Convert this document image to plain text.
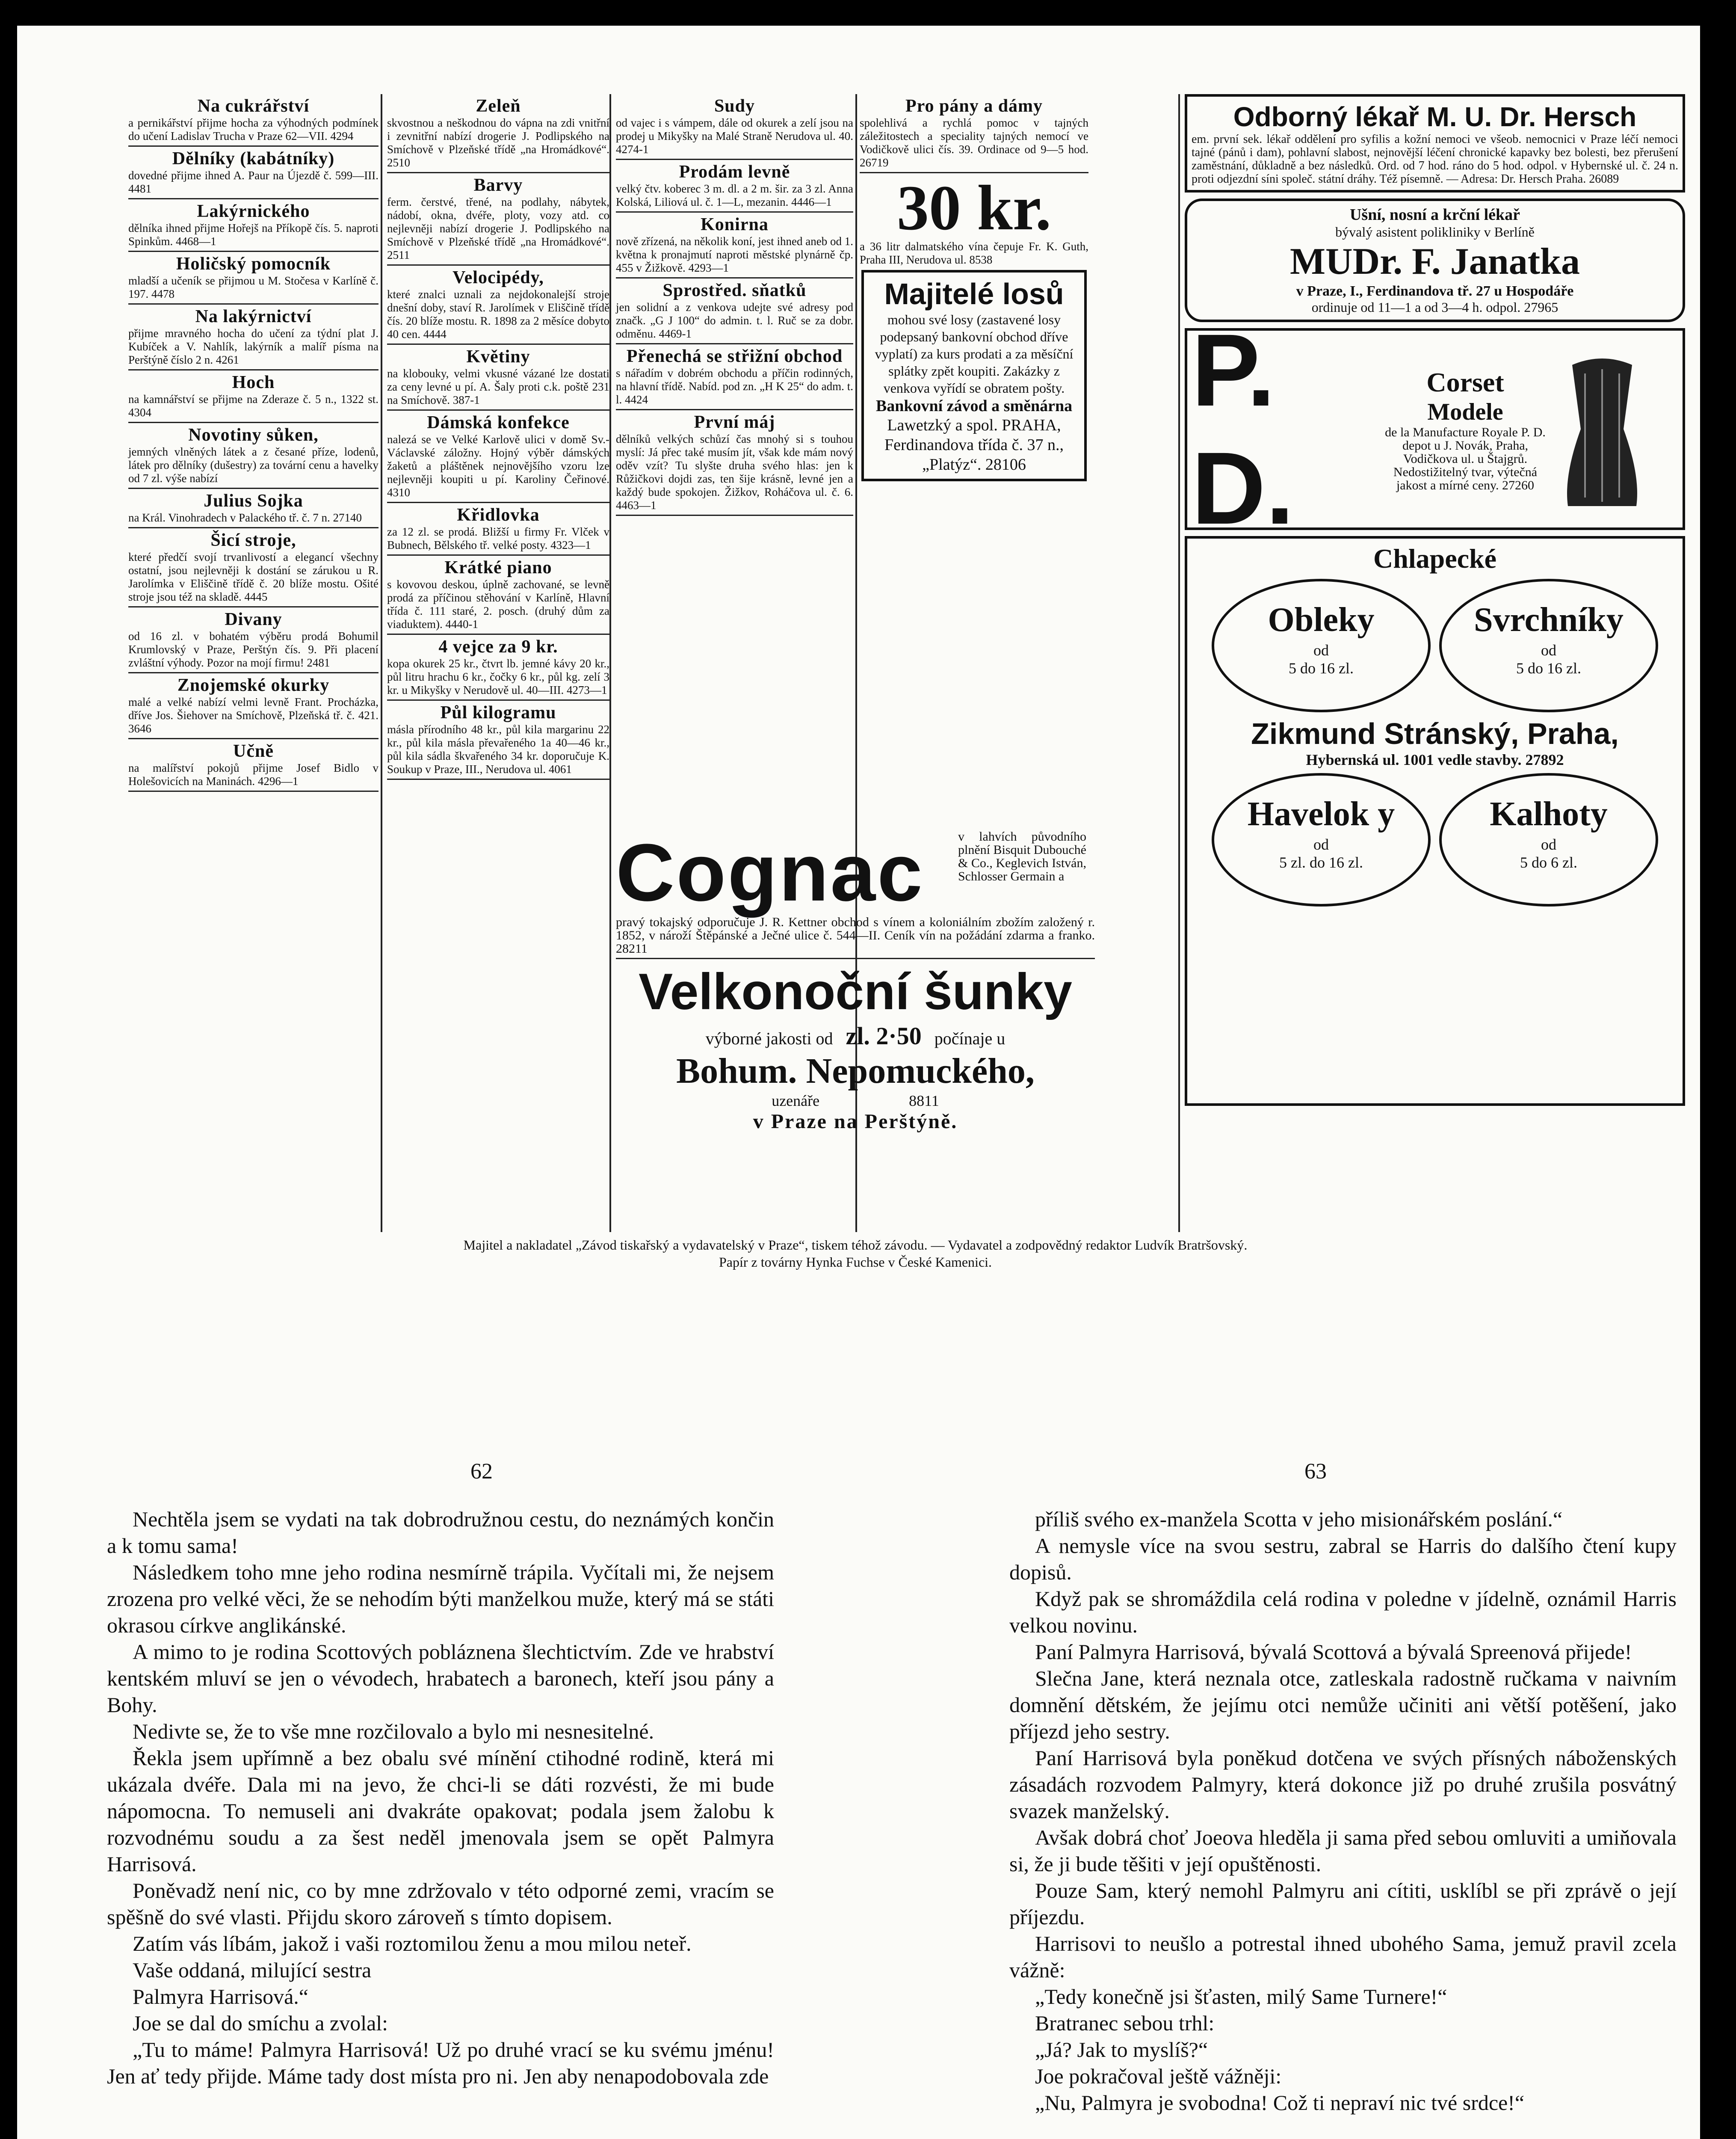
Na cukrářství

a pernikářství přijme hocha za výhodných podmínek do učení Ladislav Trucha v Praze 62—VII. 4294

Dělníky (kabátníky)

dovedné přijme ihned A. Paur na Újezdě č. 599—III. 4481

Lakýrnického

dělníka ihned přijme Hořejš na Příkopě čís. 5. naproti Spinkům. 4468—1

Holičský pomocník

mladší a učeník se přijmou u M. Stočesa v Karlíně č. 197. 4478

Na lakýrnictví

přijme mravného hocha do učení za týdní plat J. Kubíček a V. Nahlík, lakýrník a malíř písma na Perštýně číslo 2 n. 4261

Hoch

na kamnářství se přijme na Zderaze č. 5 n., 1322 st. 4304

Novotiny sůken,

jemných vlněných látek a z česané příze, lodenů, látek pro dělníky (dušestry) za tovární cenu a havelky od 7 zl. výše nabízí

Julius Sojka

na Král. Vinohradech v Palackého tř. č. 7 n. 27140

Šicí stroje,

které předčí svojí trvanlivostí a elegancí všechny ostatní, jsou nejlevněji k dostání se zárukou u R. Jarolímka v Eliščině třídě č. 20 blíže mostu. Ošité stroje jsou též na skladě. 4445

Divany

od 16 zl. v bohatém výběru prodá Bohumil Krumlovský v Praze, Perštýn čís. 9. Při placení zvláštní výhody. Pozor na mojí firmu! 2481

Znojemské okurky

malé a velké nabízí velmi levně Frant. Procházka, dříve Jos. Šiehover na Smíchově, Plzeňská tř. č. 421. 3646

Učně

na malířství pokojů přijme Josef Bidlo v Holešovicích na Maninách. 4296—1

Zeleň

skvostnou a neškodnou do vápna na zdi vnitřní i zevnitřní nabízí drogerie J. Podlipského na Smíchově v Plzeňské třídě „na Hromádkové“. 2510

Barvy

ferm. čerstvé, třené, na podlahy, nábytek, nádobí, okna, dvéře, ploty, vozy atd. co nejlevněji nabízí drogerie J. Podlipského na Smíchově v Plzeňské třídě „na Hromádkové“. 2511

Velocipédy,

které znalci uznali za nejdokonalejší stroje dnešní doby, staví R. Jarolímek v Eliščině třídě čís. 20 blíže mostu. R. 1898 za 2 měsíce dobyto 40 cen. 4444

Květiny

na klobouky, velmi vkusné vázané lze dostati za ceny levné u pí. A. Šaly proti c.k. poště 231 na Smíchově. 387-1

Dámská konfekce

nalezá se ve Velké Karlově ulici v domě Sv.-Václavské záložny. Hojný výběr dámských žaketů a pláštěnek nejnovějšího vzoru lze nejlevněji koupiti u pí. Karoliny Čeřinové. 4310

Křidlovka

za 12 zl. se prodá. Bližší u firmy Fr. Vlček v Bubnech, Bělského tř. velké posty. 4323—1

Krátké piano

s kovovou deskou, úplně zachované, se levně prodá za příčinou stěhování v Karlíně, Hlavní třída č. 111 staré, 2. posch. (druhý dům za viaduktem). 4440-1

4 vejce za 9 kr.

kopa okurek 25 kr., čtvrt lb. jemné kávy 20 kr., půl litru hrachu 6 kr., čočky 6 kr., půl kg. zelí 3 kr. u Mikyšky v Nerudově ul. 40—III. 4273—1

Půl kilogramu

másla přírodního 48 kr., půl kila margarinu 22 kr., půl kila másla převařeného 1a 40—46 kr., půl kila sádla škvařeného 34 kr. doporučuje K. Soukup v Praze, III., Nerudova ul. 4061

Sudy

od vajec i s vámpem, dále od okurek a zelí jsou na prodej u Mikyšky na Malé Straně Nerudova ul. 40. 4274-1

Prodám levně

velký čtv. koberec 3 m. dl. a 2 m. šir. za 3 zl. Anna Kolská, Liliová ul. č. 1—L, mezanin. 4446—1

Konirna

nově zřízená, na několik koní, jest ihned aneb od 1. května k pronajmutí naproti městské plynárně čp. 455 v Žižkově. 4293—1

Sprostřed. sňatků

jen solidní a z venkova udejte své adresy pod značk. „G J 100“ do admin. t. l. Ruč se za dobr. odměnu. 4469-1

Přenechá se střižní obchod

s nářadím v dobrém obchodu a příčin rodinných, na hlavní třídě. Nabíd. pod zn. „H K 25“ do adm. t. l. 4424

První máj

dělníků velkých schůzí čas mnohý si s touhou myslí: Já přec také musím jít, však kde mám nový oděv vzít? Tu slyšte druha svého hlas: jen k Růžičkovi dojdi zas, ten šije krásně, levné jen a každý bude spokojen. Žižkov, Roháčova ul. č. 6. 4463—1

Cognac	v lahvích původního plnění Bisquit Dubouché & Co., Keglevich István, Schlosser Germain a

pravý tokajský odporučuje J. R. Kettner obchod s vínem a koloniálním zbožím založený r. 1852, v nároží Štěpánské a Ječné ulice č. 544—II. Ceník vín na požádání zdarma a franko. 28211

Velkonoční šunky
výborné jakosti od zl. 2·50 počínaje u
Bohum. Nepomuckého,
uzenáře	8811
v Praze na Perštýně.
Pro pány a dámy

spolehlivá a rychlá pomoc v tajných záležitostech a speciality tajných nemocí ve Vodičkově ulici čís. 39. Ordinace od 9—5 hod. 26719

30 kr.

a 36 litr dalmatského vína čepuje Fr. K. Guth, Praha III, Nerudova ul. 8538

Majitelé losů

mohou své losy (zastavené losy podepsaný bankovní obchod dříve vyplatí) za kurs prodati a za měsíční splátky zpět koupiti. Zakázky z venkova vyřídí se obratem pošty.

Bankovní závod a směnárna

Lawetzký a spol. PRAHA, Ferdinandova třída č. 37 n., „Platýz“. 28106

Odborný lékař M. U. Dr. Hersch

em. první sek. lékař oddělení pro syfilis a kožní nemoci ve všeob. nemocnici v Praze léčí nemoci tajné (pánů i dam), pohlavní slabost, nejnovější léčení chronické kapavky bez bolesti, bez přerušení zaměstnání, důkladně a bez následků. Ord. od 7 hod. ráno do 5 hod. odpol. v Hybernské ul. č. 24 n. proti odjezdní síni společ. státní dráhy. Též písemně. — Adresa: Dr. Hersch Praha. 26089

Ušní, nosní a krční lékař
bývalý asistent polikliniky v Berlíně
MUDr. F. Janatka
v Praze, I., Ferdinandova tř. 27 u Hospodáře
ordinuje od 11—1 a od 3—4 h. odpol. 27965
P. D.
Corset
Modele

de la Manufacture Royale P. D. depot u J. Novák, Praha, Vodičkova ul. u Štajgrů. Nedostižitelný tvar, výtečná jakost a mírné ceny. 27260

Chlapecké
Obleky
od
5 do 16 zl.
Svrchníky
od
5 do 16 zl.
Zikmund Stránský, Praha,
Hybernská ul. 1001 vedle stavby. 27892
Havelok y
od
5 zl. do 16 zl.
Kalhoty
od
5 do 6 zl.
Majitel a nakladatel „Závod tiskařský a vydavatelský v Praze“, tiskem téhož závodu. — Vydavatel a zodpovědný redaktor Ludvík Bratršovský.
Papír z továrny Hynka Fuchse v České Kamenici.
62	63

Nechtěla jsem se vydati na tak dobrodružnou cestu, do neznámých končin a k tomu sama!

Následkem toho mne jeho rodina nesmírně trápila. Vyčítali mi, že nejsem zrozena pro velké věci, že se nehodím býti manželkou muže, který má se státi okrasou církve anglikánské.

A mimo to je rodina Scottových pobláznena šlechtictvím. Zde ve hrabství kentském mluví se jen o vévodech, hrabatech a baronech, kteří jsou pány a Bohy.

Nedivte se, že to vše mne rozčilovalo a bylo mi nesnesitelné.

Řekla jsem upřímně a bez obalu své mínění ctihodné rodině, která mi ukázala dvéře. Dala mi na jevo, že chci-li se dáti rozvésti, že mi bude nápomocna. To nemuseli ani dvakráte opakovat; podala jsem žalobu k rozvodnému soudu a za šest neděl jmenovala jsem se opět Palmyra Harrisová.

Poněvadž není nic, co by mne zdržovalo v této odporné zemi, vracím se spěšně do své vlasti. Přijdu skoro zároveň s tímto dopisem.

Zatím vás líbám, jakož i vaši roztomilou ženu a mou milou neteř.

Vaše oddaná, milující sestra

Palmyra Harrisová.“

Joe se dal do smíchu a zvolal:

„Tu to máme! Palmyra Harrisová! Už po druhé vrací se ku svému jménu! Jen ať tedy přijde. Máme tady dost místa pro ni. Jen aby nenapodobovala zde

příliš svého ex-manžela Scotta v jeho misionářském poslání.“

A nemysle více na svou sestru, zabral se Harris do dalšího čtení kupy dopisů.

Když pak se shromáždila celá rodina v poledne v jídelně, oznámil Harris velkou novinu.

Paní Palmyra Harrisová, bývalá Scottová a bývalá Spreenová přijede!

Slečna Jane, která neznala otce, zatleskala radostně ručkama v naivním domnění dětském, že jejímu otci nemůže učiniti ani větší potěšení, jako příjezd jeho sestry.

Paní Harrisová byla poněkud dotčena ve svých přísných náboženských zásadách rozvodem Palmyry, která dokonce již po druhé zrušila posvátný svazek manželský.

Avšak dobrá choť Joeova hleděla ji sama před sebou omluviti a umiňovala si, že ji bude těšiti v její opuštěnosti.

Pouze Sam, který nemohl Palmyru ani cítiti, usklíbl se při zprávě o její příjezdu.

Harrisovi to neušlo a potrestal ihned ubohého Sama, jemuž pravil zcela vážně:

„Tedy konečně jsi šťasten, milý Same Turnere!“

Bratranec sebou trhl:

„Já? Jak to myslíš?“

Joe pokračoval ještě vážněji:

„Nu, Palmyra je svobodna! Což ti nepraví nic tvé srdce!“
